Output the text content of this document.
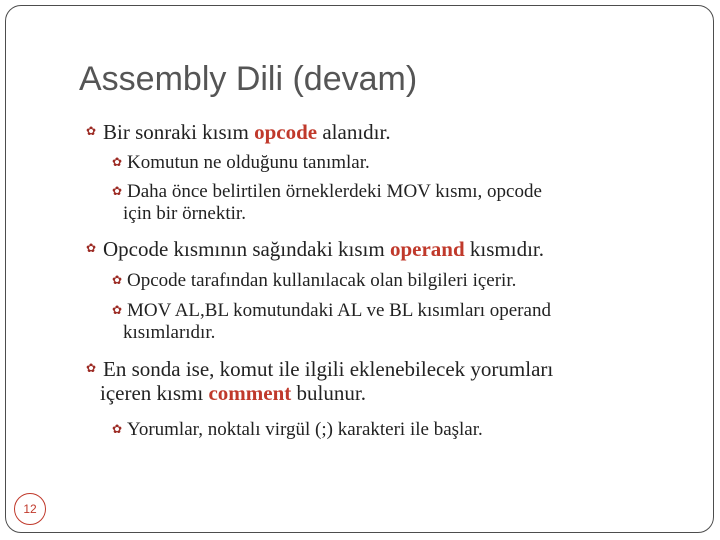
Assembly Dili (devam)
✿ Bir sonraki kısım opcode alanıdır.
✿ Komutun ne olduğunu tanımlar.
✿ Daha önce belirtilen örneklerdeki MOV kısmı, opcode
için bir örnektir.
✿ Opcode kısmının sağındaki kısım operand kısmıdır.
✿ Opcode tarafından kullanılacak olan bilgileri içerir.
✿ MOV AL,BL komutundaki AL ve BL kısımları operand
kısımlarıdır.
✿ En sonda ise, komut ile ilgili eklenebilecek yorumları
içeren kısmı comment bulunur.
✿ Yorumlar, noktalı virgül (;) karakteri ile başlar.
12
